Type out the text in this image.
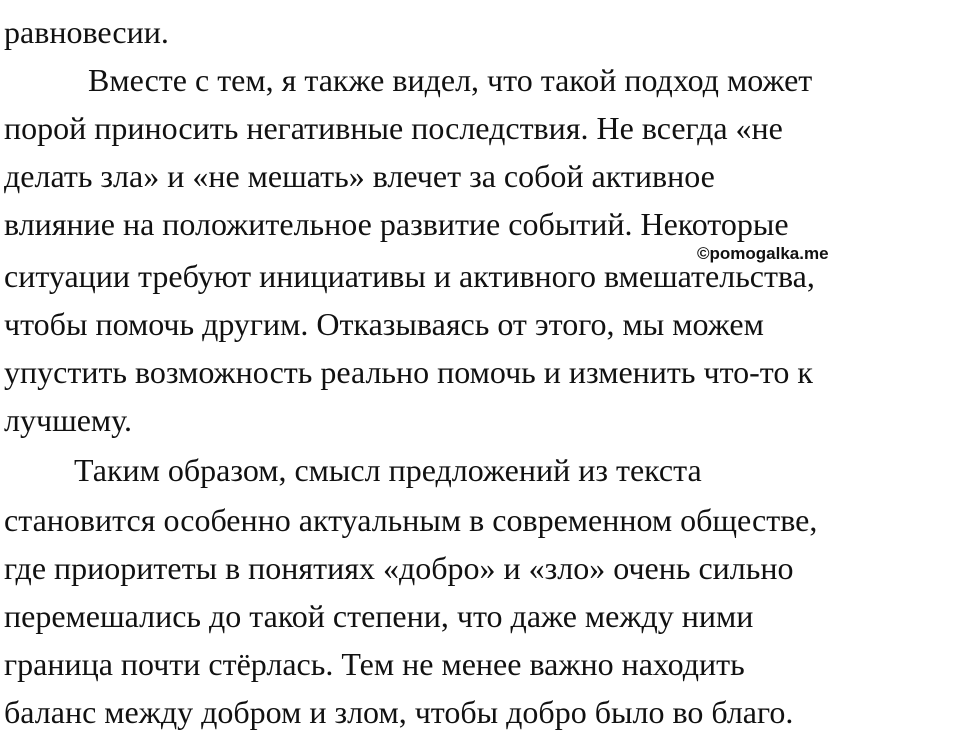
равновесии.
Вместе с тем, я также видел, что такой подход может
порой приносить негативные последствия. Не всегда «не
делать зла» и «не мешать» влечет за собой активное
влияние на положительное развитие событий. Некоторые
ситуации требуют инициативы и активного вмешательства,
чтобы помочь другим. Отказываясь от этого, мы можем
упустить возможность реально помочь и изменить что-то к
лучшему.
Таким образом, смысл предложений из текста
становится особенно актуальным в современном обществе,
где приоритеты в понятиях «добро» и «зло» очень сильно
перемешались до такой степени, что даже между ними
граница почти стёрлась. Тем не менее важно находить
баланс между добром и злом, чтобы добро было во благо.
©pomogalka.me
